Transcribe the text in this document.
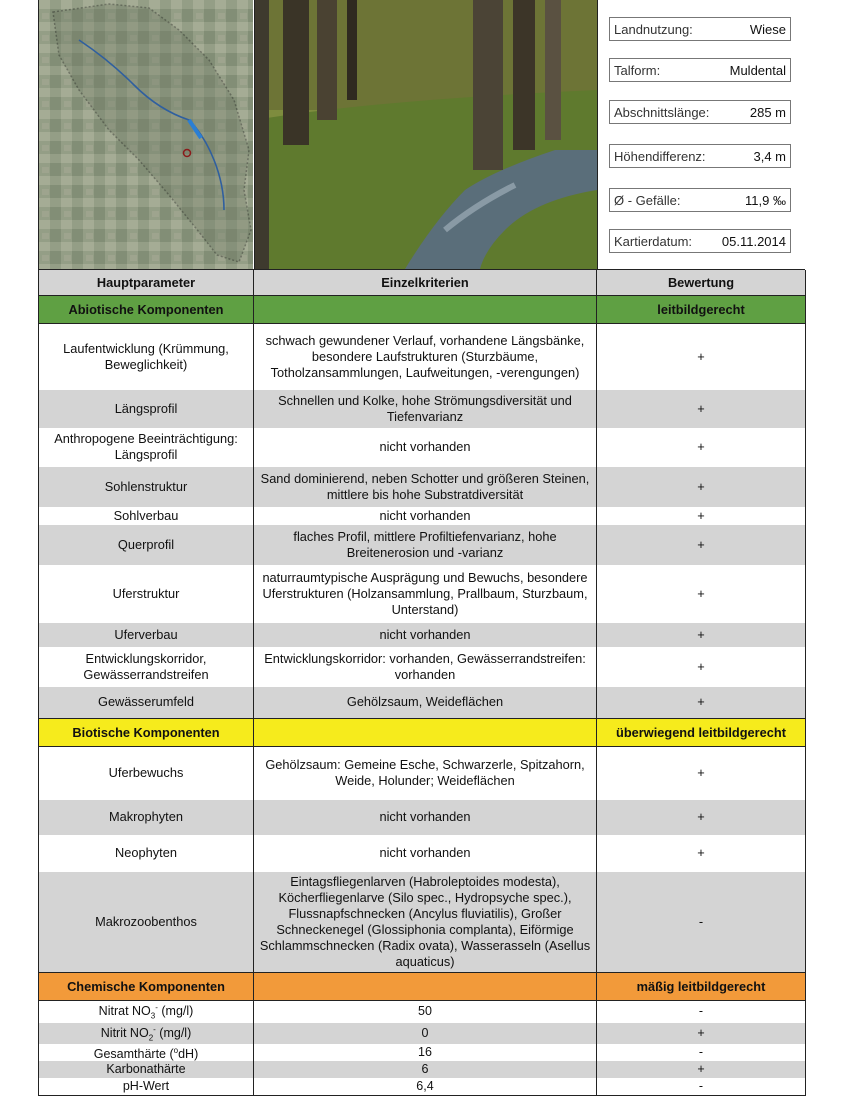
Landnutzung:	Wiese
Talform:	Muldental
Abschnittslänge:	285 m
Höhendifferenz:	3,4 m
Ø - Gefälle:	11,9 ‰
Kartierdatum: 05.11.2014
Hauptparameter	Einzelkriterien	Bewertung
Abiotische Komponenten		leitbildgerecht
Laufentwicklung (Krümmung, Beweglichkeit)	schwach gewundener Verlauf, vorhandene Längsbänke, besondere Laufstrukturen (Sturzbäume, Totholzansammlungen, Laufweitungen, -verengungen)	+
Längsprofil	Schnellen und Kolke, hohe Strömungsdiversität und Tiefenvarianz	+
Anthropogene Beeinträchtigung: Längsprofil	nicht vorhanden	+
Sohlenstruktur	Sand dominierend, neben Schotter und größeren Steinen, mittlere bis hohe Substratdiversität	+
Sohlverbau	nicht vorhanden	+
Querprofil	flaches Profil, mittlere Profiltiefenvarianz, hohe Breitenerosion und -varianz	+
Uferstruktur	naturraumtypische Ausprägung und Bewuchs, besondere Uferstrukturen (Holzansammlung, Prallbaum, Sturzbaum, Unterstand)	+
Uferverbau	nicht vorhanden	+
Entwicklungskorridor, Gewässerrandstreifen	Entwicklungskorridor: vorhanden, Gewässerrandstreifen: vorhanden	+
Gewässerumfeld	Gehölzsaum, Weideflächen	+
Biotische Komponenten		überwiegend leitbildgerecht
Uferbewuchs	Gehölzsaum: Gemeine Esche, Schwarzerle, Spitzahorn, Weide, Holunder; Weideflächen	+
Makrophyten	nicht vorhanden	+
Neophyten	nicht vorhanden	+
Makrozoobenthos	Eintagsfliegenlarven (Habroleptoides modesta), Köcherfliegenlarve (Silo spec., Hydropsyche spec.), Flussnapfschnecken (Ancylus fluviatilis), Großer Schneckenegel (Glossiphonia complanta), Eiförmige Schlammschnecken (Radix ovata), Wasserasseln (Asellus aquaticus)	-
Chemische Komponenten		mäßig leitbildgerecht
Nitrat $NO_3^-$ (mg/l)	50	-
Nitrit $NO_2^-$ (mg/l)	0	+
Gesamthärte ($^o$dH)	16	-
Karbonathärte	6	+
pH-Wert	6,4	-
